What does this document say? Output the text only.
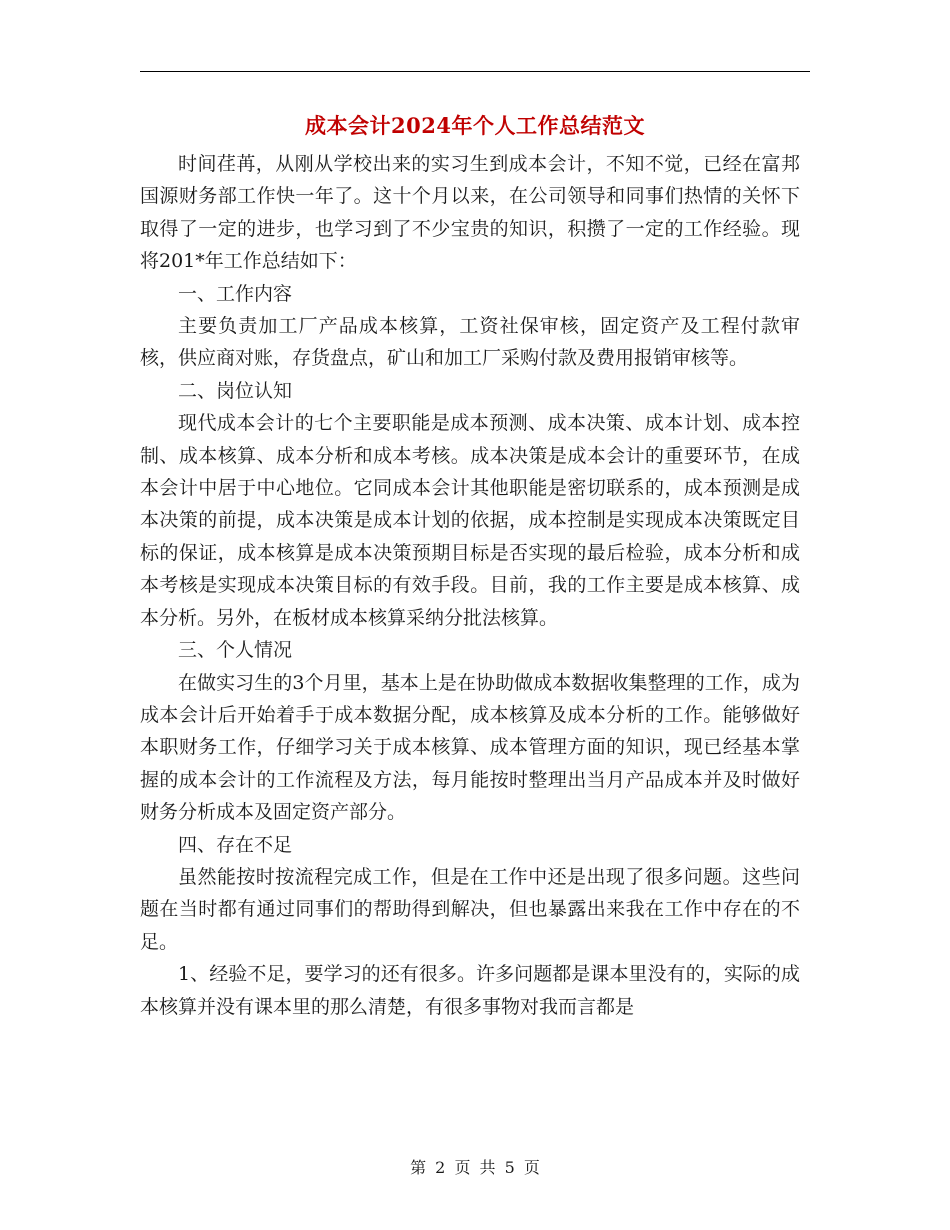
成本会计2024年个人工作总结范文

时间荏苒，从刚从学校出来的实习生到成本会计，不知不觉，已经在富邦国源财务部工作快一年了。这十个月以来，在公司领导和同事们热情的关怀下取得了一定的进步，也学习到了不少宝贵的知识，积攒了一定的工作经验。现将201*年工作总结如下：

一、工作内容

主要负责加工厂产品成本核算，工资社保审核，固定资产及工程付款审核，供应商对账，存货盘点，矿山和加工厂采购付款及费用报销审核等。

二、岗位认知

现代成本会计的七个主要职能是成本预测、成本决策、成本计划、成本控制、成本核算、成本分析和成本考核。成本决策是成本会计的重要环节，在成本会计中居于中心地位。它同成本会计其他职能是密切联系的，成本预测是成本决策的前提，成本决策是成本计划的依据，成本控制是实现成本决策既定目标的保证，成本核算是成本决策预期目标是否实现的最后检验，成本分析和成本考核是实现成本决策目标的有效手段。目前，我的工作主要是成本核算、成本分析。另外，在板材成本核算采纳分批法核算。

三、个人情况

在做实习生的3个月里，基本上是在协助做成本数据收集整理的工作，成为成本会计后开始着手于成本数据分配，成本核算及成本分析的工作。能够做好本职财务工作，仔细学习关于成本核算、成本管理方面的知识，现已经基本掌握的成本会计的工作流程及方法，每月能按时整理出当月产品成本并及时做好财务分析成本及固定资产部分。

四、存在不足

虽然能按时按流程完成工作，但是在工作中还是出现了很多问题。这些问题在当时都有通过同事们的帮助得到解决，但也暴露出来我在工作中存在的不足。

1、经验不足，要学习的还有很多。许多问题都是课本里没有的，实际的成本核算并没有课本里的那么清楚，有很多事物对我而言都是

第 2 页 共 5 页
